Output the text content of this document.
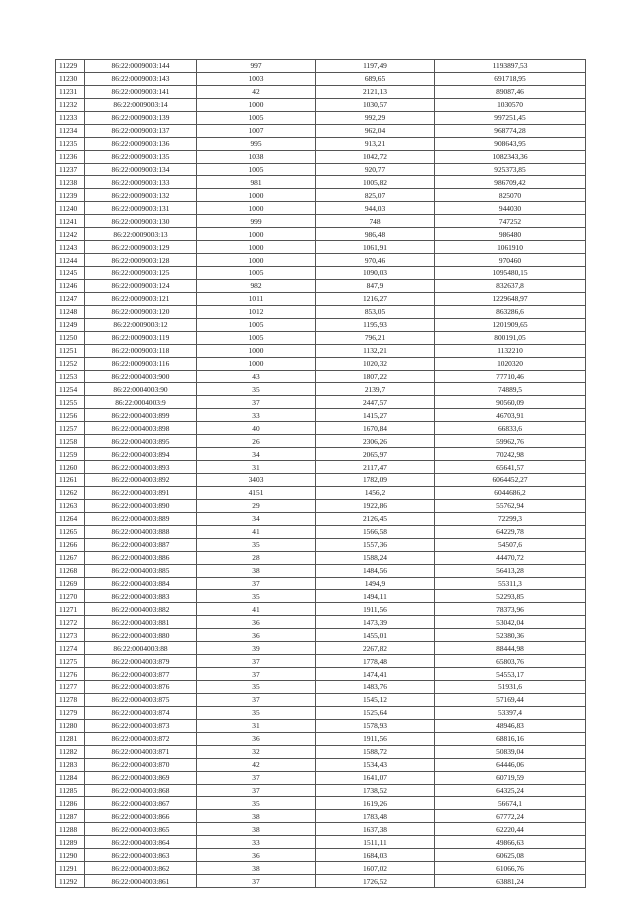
11229	86:22:0009003:144	997	1197,49	1193897,53
11230	86:22:0009003:143	1003	689,65	691718,95
11231	86:22:0009003:141	42	2121,13	89087,46
11232	86:22:0009003:14	1000	1030,57	1030570
11233	86:22:0009003:139	1005	992,29	997251,45
11234	86:22:0009003:137	1007	962,04	968774,28
11235	86:22:0009003:136	995	913,21	908643,95
11236	86:22:0009003:135	1038	1042,72	1082343,36
11237	86:22:0009003:134	1005	920,77	925373,85
11238	86:22:0009003:133	981	1005,82	986709,42
11239	86:22:0009003:132	1000	825,07	825070
11240	86:22:0009003:131	1000	944,03	944030
11241	86:22:0009003:130	999	748	747252
11242	86:22:0009003:13	1000	986,48	986480
11243	86:22:0009003:129	1000	1061,91	1061910
11244	86:22:0009003:128	1000	970,46	970460
11245	86:22:0009003:125	1005	1090,03	1095480,15
11246	86:22:0009003:124	982	847,9	832637,8
11247	86:22:0009003:121	1011	1216,27	1229648,97
11248	86:22:0009003:120	1012	853,05	863286,6
11249	86:22:0009003:12	1005	1195,93	1201909,65
11250	86:22:0009003:119	1005	796,21	800191,05
11251	86:22:0009003:118	1000	1132,21	1132210
11252	86:22:0009003:116	1000	1020,32	1020320
11253	86:22:0004003:900	43	1807,22	77710,46
11254	86:22:0004003:90	35	2139,7	74889,5
11255	86:22:0004003:9	37	2447,57	90560,09
11256	86:22:0004003:899	33	1415,27	46703,91
11257	86:22:0004003:898	40	1670,84	66833,6
11258	86:22:0004003:895	26	2306,26	59962,76
11259	86:22:0004003:894	34	2065,97	70242,98
11260	86:22:0004003:893	31	2117,47	65641,57
11261	86:22:0004003:892	3403	1782,09	6064452,27
11262	86:22:0004003:891	4151	1456,2	6044686,2
11263	86:22:0004003:890	29	1922,86	55762,94
11264	86:22:0004003:889	34	2126,45	72299,3
11265	86:22:0004003:888	41	1566,58	64229,78
11266	86:22:0004003:887	35	1557,36	54507,6
11267	86:22:0004003:886	28	1588,24	44470,72
11268	86:22:0004003:885	38	1484,56	56413,28
11269	86:22:0004003:884	37	1494,9	55311,3
11270	86:22:0004003:883	35	1494,11	52293,85
11271	86:22:0004003:882	41	1911,56	78373,96
11272	86:22:0004003:881	36	1473,39	53042,04
11273	86:22:0004003:880	36	1455,01	52380,36
11274	86:22:0004003:88	39	2267,82	88444,98
11275	86:22:0004003:879	37	1778,48	65803,76
11276	86:22:0004003:877	37	1474,41	54553,17
11277	86:22:0004003:876	35	1483,76	51931,6
11278	86:22:0004003:875	37	1545,12	57169,44
11279	86:22:0004003:874	35	1525,64	53397,4
11280	86:22:0004003:873	31	1578,93	48946,83
11281	86:22:0004003:872	36	1911,56	68816,16
11282	86:22:0004003:871	32	1588,72	50839,04
11283	86:22:0004003:870	42	1534,43	64446,06
11284	86:22:0004003:869	37	1641,07	60719,59
11285	86:22:0004003:868	37	1738,52	64325,24
11286	86:22:0004003:867	35	1619,26	56674,1
11287	86:22:0004003:866	38	1783,48	67772,24
11288	86:22:0004003:865	38	1637,38	62220,44
11289	86:22:0004003:864	33	1511,11	49866,63
11290	86:22:0004003:863	36	1684,03	60625,08
11291	86:22:0004003:862	38	1607,02	61066,76
11292	86:22:0004003:861	37	1726,52	63881,24
